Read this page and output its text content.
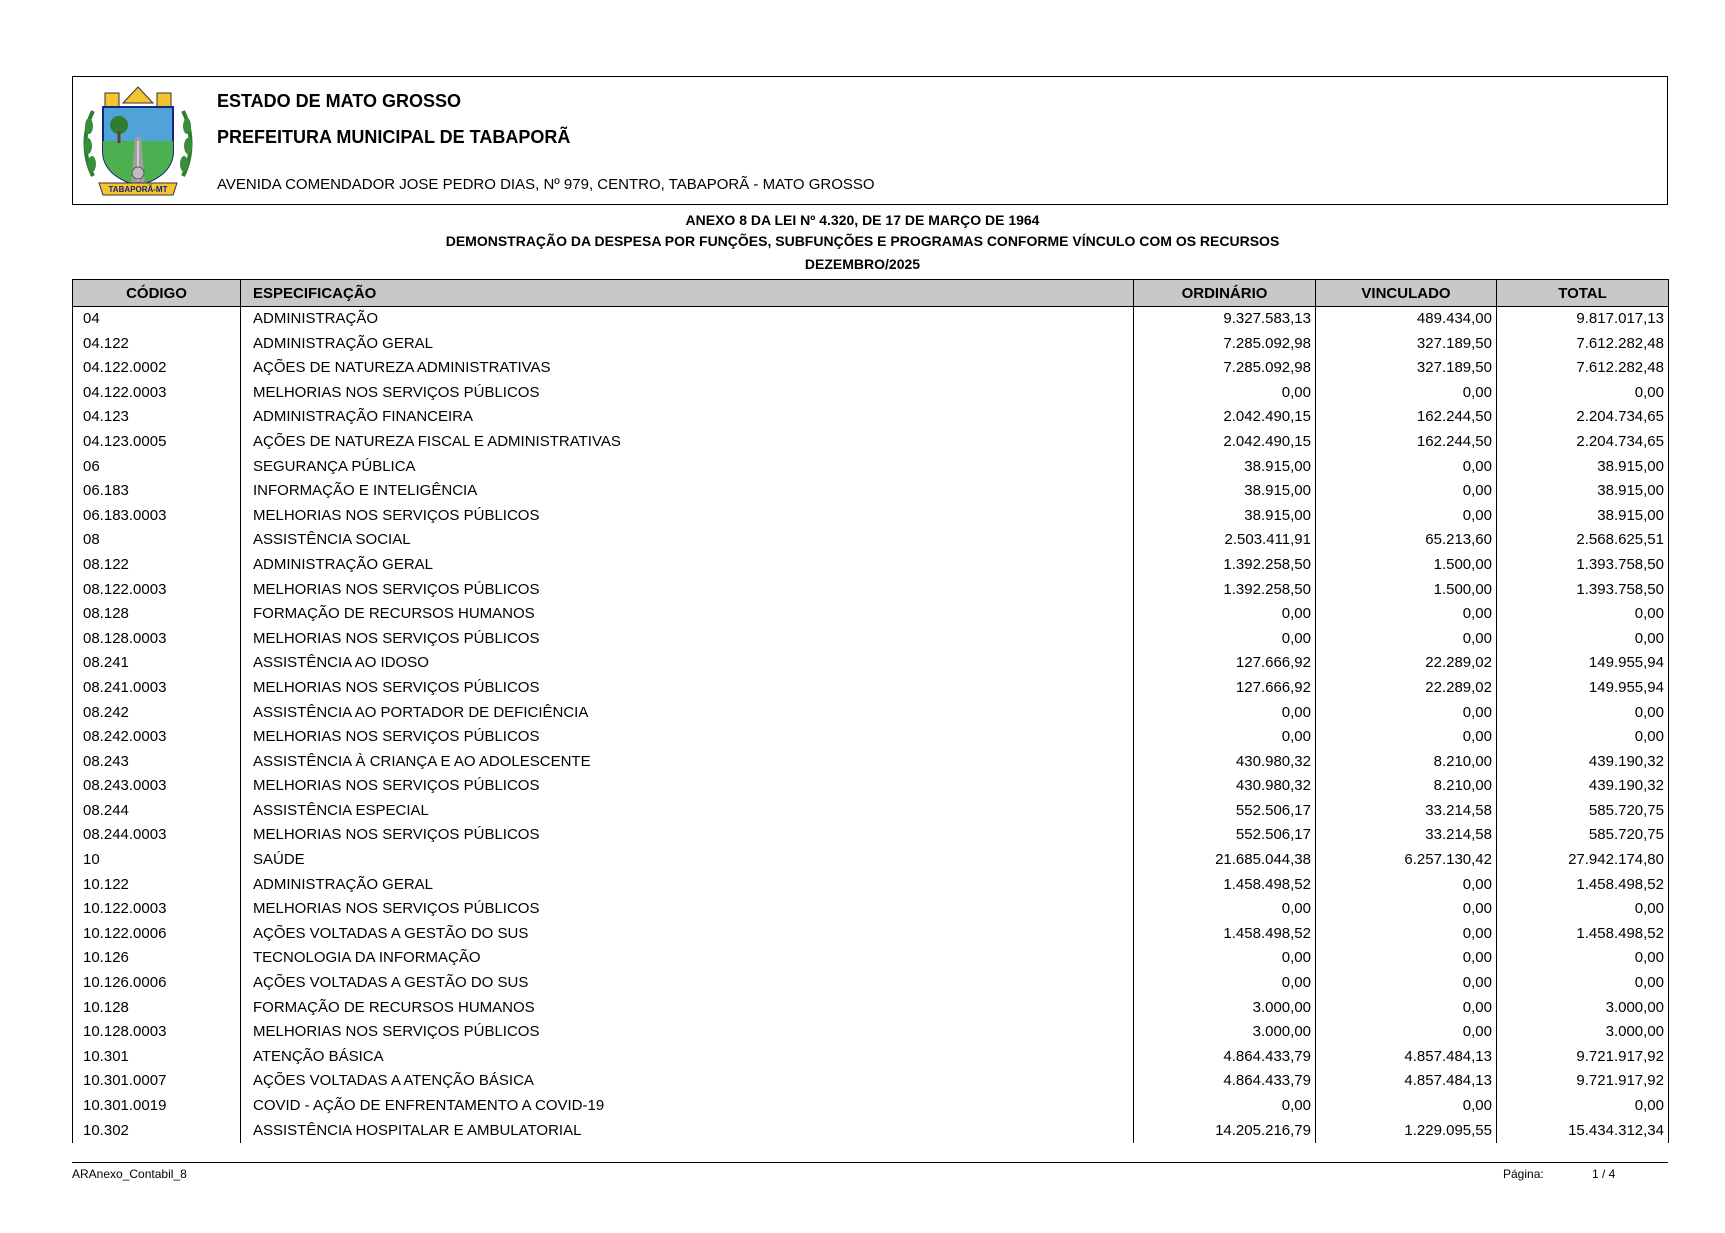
TABAPORÃ-MT
ESTADO DE MATO GROSSO
PREFEITURA MUNICIPAL DE TABAPORÃ
AVENIDA COMENDADOR JOSE PEDRO DIAS, Nº 979, CENTRO, TABAPORÃ - MATO GROSSO
ANEXO 8 DA LEI Nº 4.320, DE 17 DE MARÇO DE 1964
DEMONSTRAÇÃO DA DESPESA POR FUNÇÕES, SUBFUNÇÕES E PROGRAMAS CONFORME VÍNCULO COM OS RECURSOS
DEZEMBRO/2025
CÓDIGO	ESPECIFICAÇÃO	ORDINÁRIO	VINCULADO	TOTAL
04	ADMINISTRAÇÃO	9.327.583,13	489.434,00	9.817.017,13
04.122	ADMINISTRAÇÃO GERAL	7.285.092,98	327.189,50	7.612.282,48
04.122.0002	AÇÕES DE NATUREZA ADMINISTRATIVAS	7.285.092,98	327.189,50	7.612.282,48
04.122.0003	MELHORIAS NOS SERVIÇOS PÚBLICOS	0,00	0,00	0,00
04.123	ADMINISTRAÇÃO FINANCEIRA	2.042.490,15	162.244,50	2.204.734,65
04.123.0005	AÇÕES DE NATUREZA FISCAL E ADMINISTRATIVAS	2.042.490,15	162.244,50	2.204.734,65
06	SEGURANÇA PÚBLICA	38.915,00	0,00	38.915,00
06.183	INFORMAÇÃO E INTELIGÊNCIA	38.915,00	0,00	38.915,00
06.183.0003	MELHORIAS NOS SERVIÇOS PÚBLICOS	38.915,00	0,00	38.915,00
08	ASSISTÊNCIA SOCIAL	2.503.411,91	65.213,60	2.568.625,51
08.122	ADMINISTRAÇÃO GERAL	1.392.258,50	1.500,00	1.393.758,50
08.122.0003	MELHORIAS NOS SERVIÇOS PÚBLICOS	1.392.258,50	1.500,00	1.393.758,50
08.128	FORMAÇÃO DE RECURSOS HUMANOS	0,00	0,00	0,00
08.128.0003	MELHORIAS NOS SERVIÇOS PÚBLICOS	0,00	0,00	0,00
08.241	ASSISTÊNCIA AO IDOSO	127.666,92	22.289,02	149.955,94
08.241.0003	MELHORIAS NOS SERVIÇOS PÚBLICOS	127.666,92	22.289,02	149.955,94
08.242	ASSISTÊNCIA AO PORTADOR DE DEFICIÊNCIA	0,00	0,00	0,00
08.242.0003	MELHORIAS NOS SERVIÇOS PÚBLICOS	0,00	0,00	0,00
08.243	ASSISTÊNCIA À CRIANÇA E AO ADOLESCENTE	430.980,32	8.210,00	439.190,32
08.243.0003	MELHORIAS NOS SERVIÇOS PÚBLICOS	430.980,32	8.210,00	439.190,32
08.244	ASSISTÊNCIA ESPECIAL	552.506,17	33.214,58	585.720,75
08.244.0003	MELHORIAS NOS SERVIÇOS PÚBLICOS	552.506,17	33.214,58	585.720,75
10	SAÚDE	21.685.044,38	6.257.130,42	27.942.174,80
10.122	ADMINISTRAÇÃO GERAL	1.458.498,52	0,00	1.458.498,52
10.122.0003	MELHORIAS NOS SERVIÇOS PÚBLICOS	0,00	0,00	0,00
10.122.0006	AÇÕES VOLTADAS A GESTÃO DO SUS	1.458.498,52	0,00	1.458.498,52
10.126	TECNOLOGIA DA INFORMAÇÃO	0,00	0,00	0,00
10.126.0006	AÇÕES VOLTADAS A GESTÃO DO SUS	0,00	0,00	0,00
10.128	FORMAÇÃO DE RECURSOS HUMANOS	3.000,00	0,00	3.000,00
10.128.0003	MELHORIAS NOS SERVIÇOS PÚBLICOS	3.000,00	0,00	3.000,00
10.301	ATENÇÃO BÁSICA	4.864.433,79	4.857.484,13	9.721.917,92
10.301.0007	AÇÕES VOLTADAS A ATENÇÃO BÁSICA	4.864.433,79	4.857.484,13	9.721.917,92
10.301.0019	COVID - AÇÃO DE ENFRENTAMENTO A COVID-19	0,00	0,00	0,00
10.302	ASSISTÊNCIA HOSPITALAR E AMBULATORIAL	14.205.216,79	1.229.095,55	15.434.312,34
ARAnexo_Contabil_8	Página:	1 / 4
